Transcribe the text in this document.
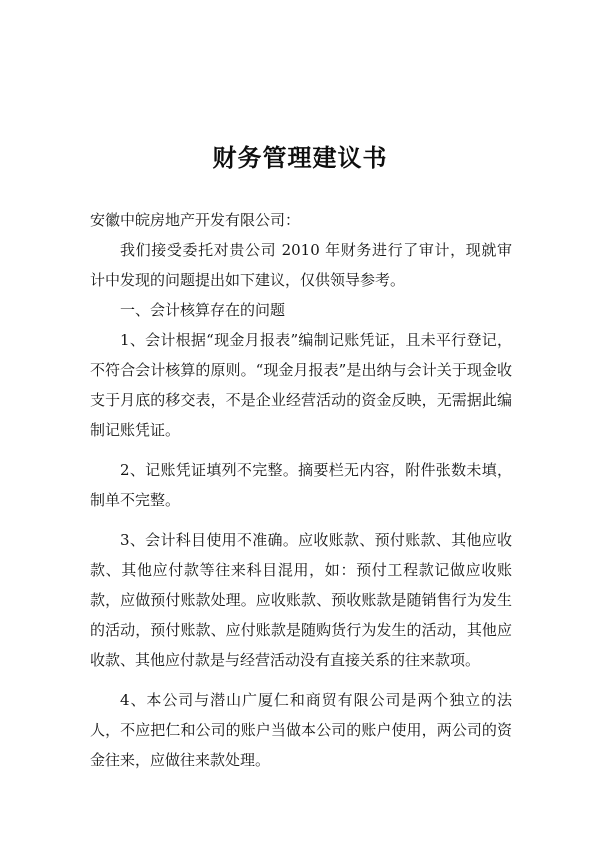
财务管理建议书

安徽中皖房地产开发有限公司：

我们接受委托对贵公司 2010 年财务进行了审计，现就审计中发现的问题提出如下建议，仅供领导参考。

一、会计核算存在的问题

1、会计根据“现金月报表”编制记账凭证，且未平行登记，不符合会计核算的原则。“现金月报表”是出纳与会计关于现金收支于月底的移交表，不是企业经营活动的资金反映，无需据此编制记账凭证。

2、记账凭证填列不完整。摘要栏无内容，附件张数未填，制单不完整。

3、会计科目使用不准确。应收账款、预付账款、其他应收款、其他应付款等往来科目混用，如：预付工程款记做应收账款，应做预付账款处理。应收账款、预收账款是随销售行为发生的活动，预付账款、应付账款是随购货行为发生的活动，其他应收款、其他应付款是与经营活动没有直接关系的往来款项。

4、本公司与潜山广厦仁和商贸有限公司是两个独立的法人，不应把仁和公司的账户当做本公司的账户使用，两公司的资金往来，应做往来款处理。
